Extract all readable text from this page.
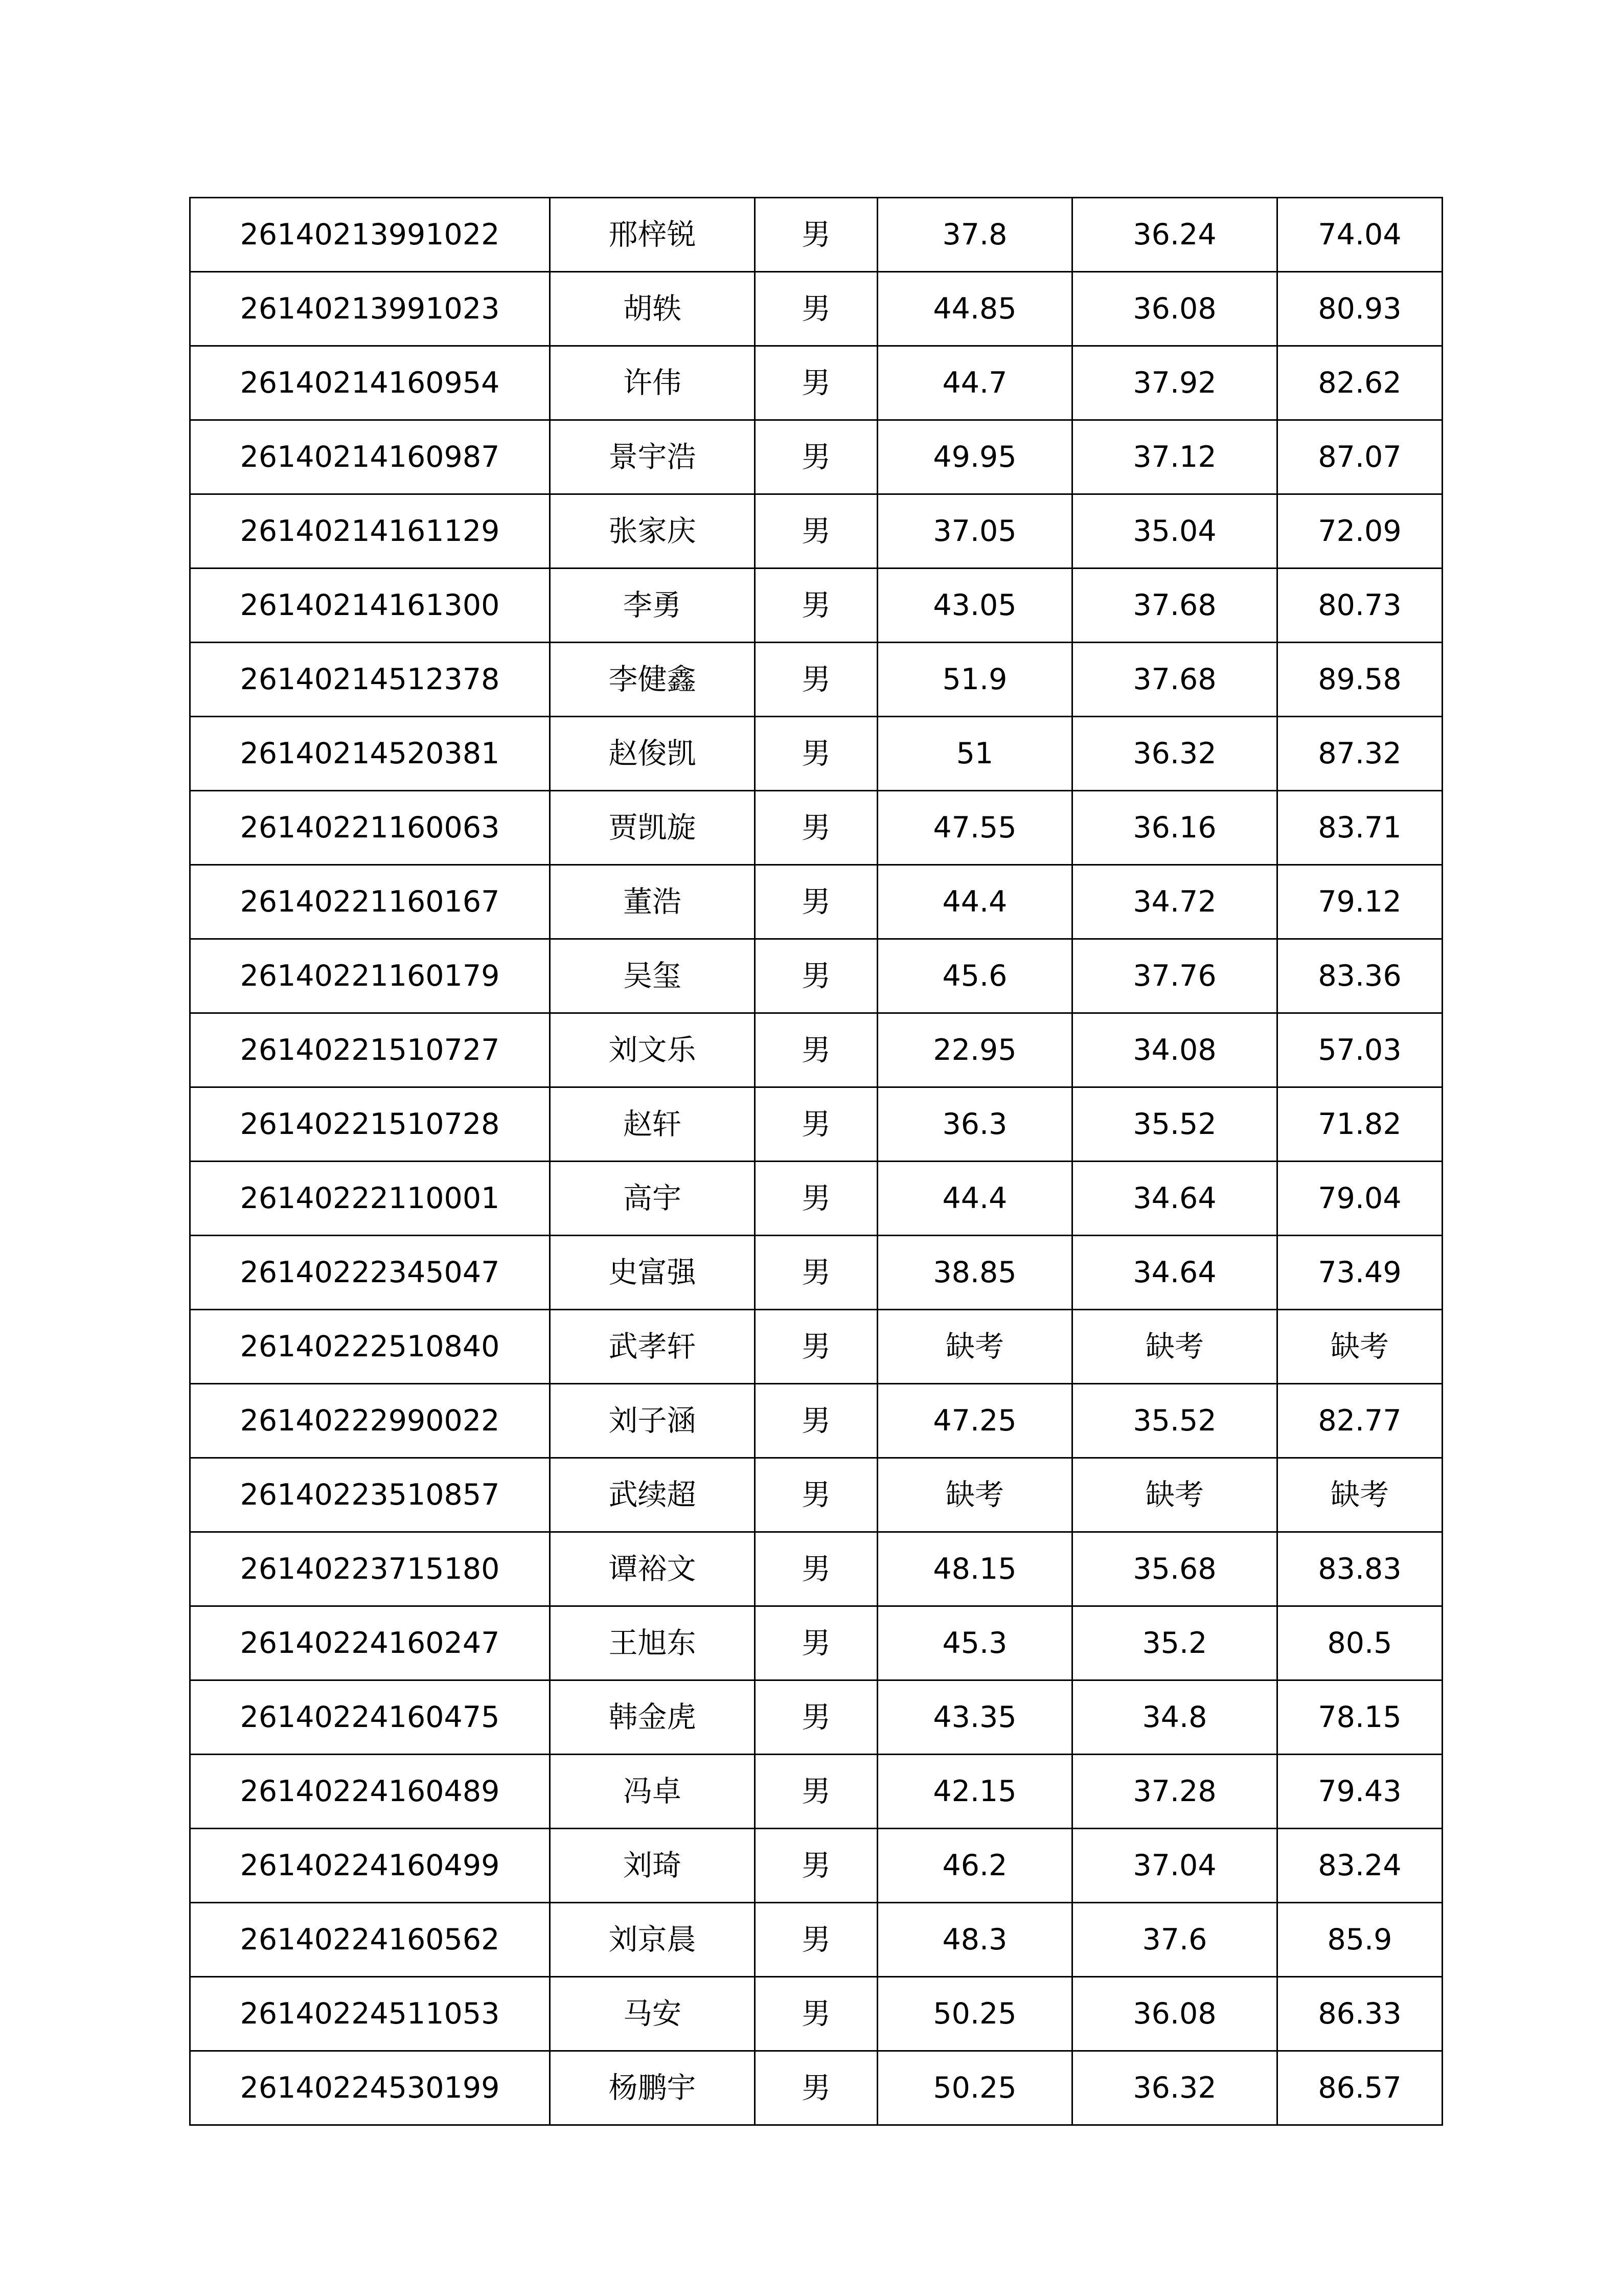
26140213991022	邢梓锐	男	37.8	36.24	74.04
26140213991023	胡轶	男	44.85	36.08	80.93
26140214160954	许伟	男	44.7	37.92	82.62
26140214160987	景宇浩	男	49.95	37.12	87.07
26140214161129	张家庆	男	37.05	35.04	72.09
26140214161300	李勇	男	43.05	37.68	80.73
26140214512378	李健鑫	男	51.9	37.68	89.58
26140214520381	赵俊凯	男	51	36.32	87.32
26140221160063	贾凯旋	男	47.55	36.16	83.71
26140221160167	董浩	男	44.4	34.72	79.12
26140221160179	吴玺	男	45.6	37.76	83.36
26140221510727	刘文乐	男	22.95	34.08	57.03
26140221510728	赵轩	男	36.3	35.52	71.82
26140222110001	高宇	男	44.4	34.64	79.04
26140222345047	史富强	男	38.85	34.64	73.49
26140222510840	武孝轩	男	缺考	缺考	缺考
26140222990022	刘子涵	男	47.25	35.52	82.77
26140223510857	武续超	男	缺考	缺考	缺考
26140223715180	谭裕文	男	48.15	35.68	83.83
26140224160247	王旭东	男	45.3	35.2	80.5
26140224160475	韩金虎	男	43.35	34.8	78.15
26140224160489	冯卓	男	42.15	37.28	79.43
26140224160499	刘琦	男	46.2	37.04	83.24
26140224160562	刘京晨	男	48.3	37.6	85.9
26140224511053	马安	男	50.25	36.08	86.33
26140224530199	杨鹏宇	男	50.25	36.32	86.57
